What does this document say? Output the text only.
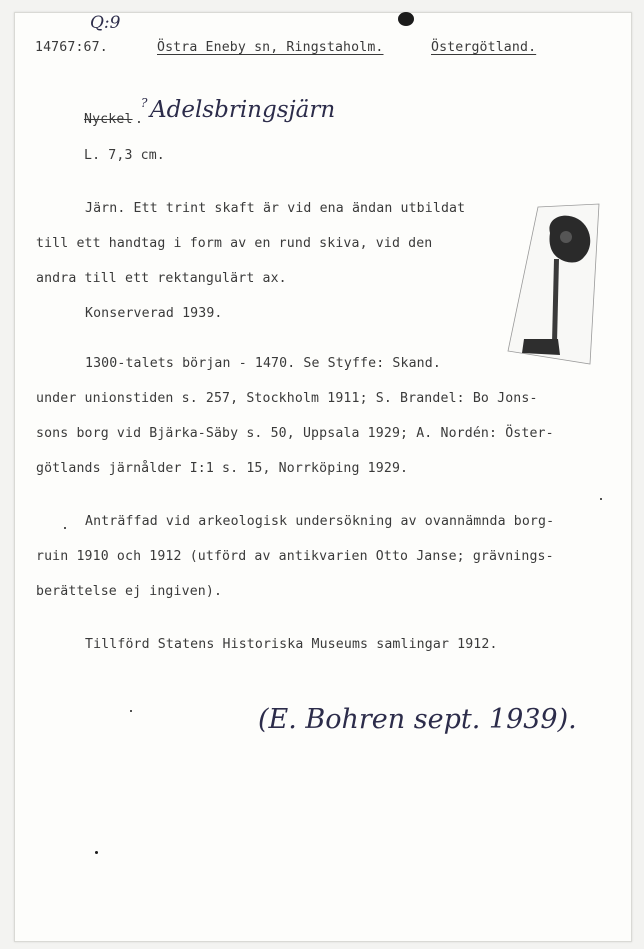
Q:9
14767:67.	Östra Eneby sn, Ringstaholm.	Östergötland.
Nyckel .
? Adelsbringsjärn
L. 7,3 cm.
Järn. Ett trint skaft är vid ena ändan utbildat
till ett handtag i form av en rund skiva, vid den
andra till ett rektangulärt ax.
Konserverad 1939.
1300-talets början - 1470. Se Styffe: Skand.
under unionstiden s. 257, Stockholm 1911; S. Brandel: Bo Jons-
sons borg vid Bjärka-Säby s. 50, Uppsala 1929; A. Nordén: Öster-
götlands järnålder I:1 s. 15, Norrköping 1929.
Anträffad vid arkeologisk undersökning av ovannämnda borg-
ruin 1910 och 1912 (utförd av antikvarien Otto Janse; grävnings-
berättelse ej ingiven).
Tillförd Statens Historiska Museums samlingar 1912.
(E. Bohren sept. 1939).
